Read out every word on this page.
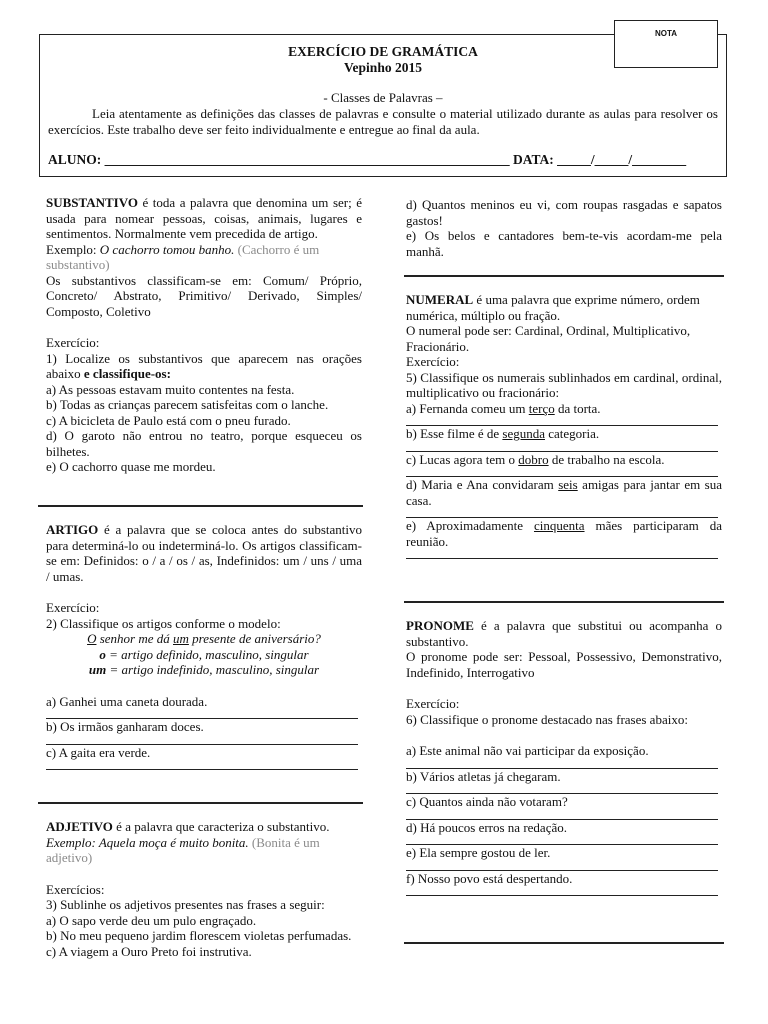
NOTA
EXERCÍCIO DE GRAMÁTICA
Vepinho 2015
- Classes de Palavras –
Leia atentamente as definições das classes de palavras e consulte o material utilizado durante as aulas para resolver os exercícios. Este trabalho deve ser feito individualmente e entregue ao final da aula.
ALUNO: ____________________________________________________________ DATA: _____/_____/________

SUBSTANTIVO é toda a palavra que denomina um ser; é usada para nomear pessoas, coisas, animais, lugares e sentimentos. Normalmente vem precedida de artigo.

Exemplo: O cachorro tomou banho. (Cachorro é um substantivo)

Os substantivos classificam-se em: Comum/ Próprio, Concreto/ Abstrato, Primitivo/ Derivado, Simples/ Composto, Coletivo

Exercício:

1) Localize os substantivos que aparecem nas orações abaixo e classifique-os:

a) As pessoas estavam muito contentes na festa.

b) Todas as crianças parecem satisfeitas com o lanche.

c) A bicicleta de Paulo está com o pneu furado.

d) O garoto não entrou no teatro, porque esqueceu os bilhetes.

e) O cachorro quase me mordeu.

ARTIGO é a palavra que se coloca antes do substantivo para determiná-lo ou indeterminá-lo. Os artigos classificam-se em: Definidos: o / a / os / as, Indefinidos: um / uns / uma / umas.

Exercício:

2) Classifique os artigos conforme o modelo:

O senhor me dá um presente de aniversário?

o = artigo definido, masculino, singular

um = artigo indefinido, masculino, singular

a) Ganhei uma caneta dourada.

b) Os irmãos ganharam doces.

c) A gaita era verde.

ADJETIVO é a palavra que caracteriza o substantivo.

Exemplo: Aquela moça é muito bonita. (Bonita é um adjetivo)

Exercícios:

3) Sublinhe os adjetivos presentes nas frases a seguir:

a) O sapo verde deu um pulo engraçado.

b) No meu pequeno jardim florescem violetas perfumadas.

c) A viagem a Ouro Preto foi instrutiva.

d) Quantos meninos eu vi, com roupas rasgadas e sapatos gastos!

e) Os belos e cantadores bem-te-vis acordam-me pela manhã.

NUMERAL é uma palavra que exprime número, ordem numérica, múltiplo ou fração.

O numeral pode ser: Cardinal, Ordinal, Multiplicativo, Fracionário.

Exercício:

5) Classifique os numerais sublinhados em cardinal, ordinal, multiplicativo ou fracionário:

a) Fernanda comeu um terço da torta.

b) Esse filme é de segunda categoria.

c) Lucas agora tem o dobro de trabalho na escola.

d) Maria e Ana convidaram seis amigas para jantar em sua casa.

e) Aproximadamente cinquenta mães participaram da reunião.

PRONOME é a palavra que substitui ou acompanha o substantivo.

O pronome pode ser: Pessoal, Possessivo, Demonstrativo, Indefinido, Interrogativo

Exercício:

6) Classifique o pronome destacado nas frases abaixo:

a) Este animal não vai participar da exposição.

b) Vários atletas já chegaram.

c) Quantos ainda não votaram?

d) Há poucos erros na redação.

e) Ela sempre gostou de ler.

f) Nosso povo está despertando.
